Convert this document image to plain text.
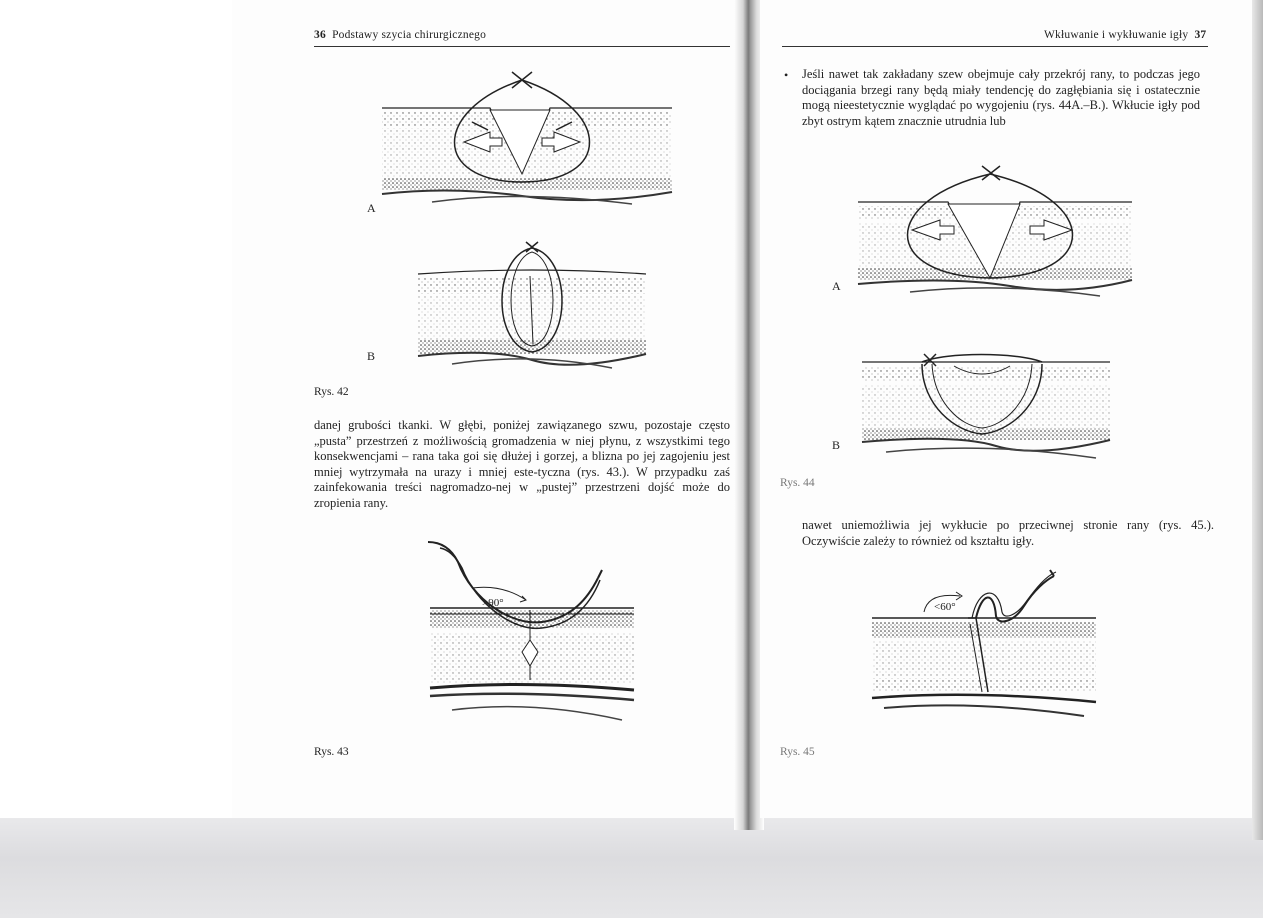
36 Podstawy szycia chirurgicznego
A
B
Rys. 42

danej grubości tkanki. W głębi, poniżej zawiązanego szwu, pozostaje często „pusta” przestrzeń z możliwością gromadzenia w niej płynu, z wszystkimi tego konsekwencjami – rana taka goi się dłużej i gorzej, a blizna po jej zagojeniu jest mniej wytrzymała na urazy i mniej este-tyczna (rys. 43.). W przypadku zaś zainfekowania treści nagromadzo-nej w „pustej” przestrzeni dojść może do zropienia rany.

>90°
Rys. 43
Wkłuwanie i wykłuwanie igły 37
• Jeśli nawet tak zakładany szew obejmuje cały przekrój rany, to podczas jego dociągania brzegi rany będą miały tendencję do zagłębiania się i ostatecznie mogą nieestetycznie wyglądać po wygojeniu (rys. 44A.–B.). Wkłucie igły pod zbyt ostrym kątem znacznie utrudnia lub

A
B
Rys. 44

nawet uniemożliwia jej wykłucie po przeciwnej stronie rany (rys. 45.). Oczywiście zależy to również od kształtu igły.

<60°
Rys. 45
